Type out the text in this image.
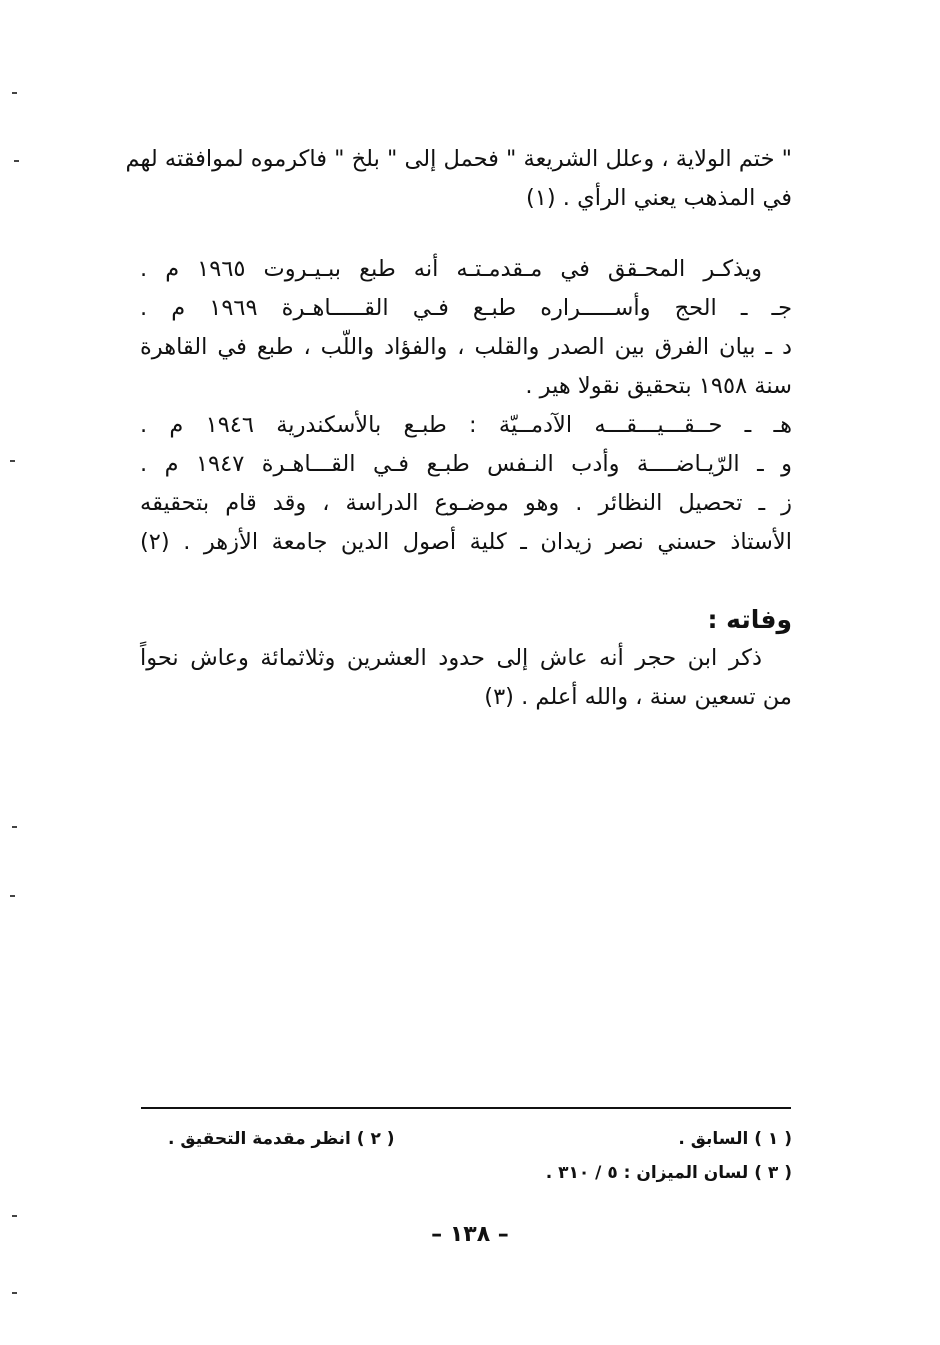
" ختم الولاية ، وعلل الشريعة " فحمل إلى " بلخ " فاكرموه لموافقته لهم
في المذهب يعني الرأي . (١)
ويذكـر المحـقق في مـقدمـتـه أنه طبع ببـيـروت ١٩٦٥ م .
جـ ـ الحج وأســـــراره طبـع فـي القـــــاهـرة ١٩٦٩ م .
د ـ بيان الفرق بين الصدر والقلب ، والفؤاد واللّب ، طبع في القاهرة
سنة ١٩٥٨ بتحقيق نقولا هير .
هـ ـ حــقـــيـــقـــه الآدمــيّة : طبـع بالأسكندرية ١٩٤٦ م .
و ـ الرّيـاضــــة وأدب النـفس طبـع فـي القـــاهـرة ١٩٤٧ م .
ز ـ تحصيل النظائر . وهو موضـوع الدراسة ، وقد قام بتحقيقه
الأستاذ حسني نصر زيدان ـ كلية أصول الدين جامعة الأزهر . (٢)
وفاته :
ذكر ابن حجر أنه عاش إلى حدود العشرين وثلاثمائة وعاش نحواً
من تسعين سنة ، والله أعلم . (٣)
( ١ ) السابق .
( ٢ ) انظر مقدمة التحقيق .
( ٣ ) لسان الميزان : ٥ / ٣١٠ .
– ١٣٨ –
